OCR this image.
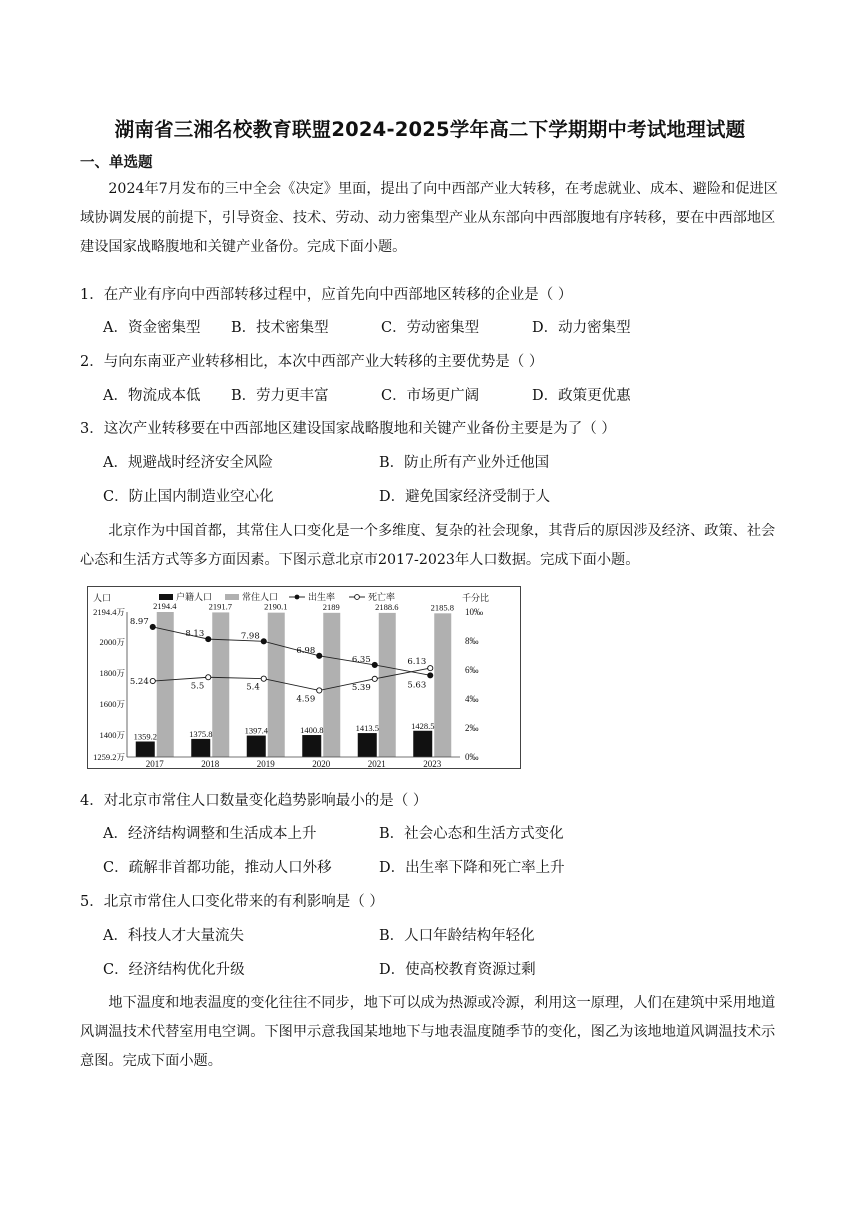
湖南省三湘名校教育联盟2024-2025学年高二下学期期中考试地理试题
一、单选题

2024年7月发布的三中全会《决定》里面，提出了向中西部产业大转移，在考虑就业、成本、避险和促进区域协调发展的前提下，引导资金、技术、劳动、动力密集型产业从东部向中西部腹地有序转移，要在中西部地区建设国家战略腹地和关键产业备份。完成下面小题。

1．在产业有序向中西部转移过程中，应首先向中西部地区转移的企业是（ ）
A．资金密集型 B．技术密集型	C．劳动密集型	D．动力密集型
2．与向东南亚产业转移相比，本次中西部产业大转移的主要优势是（ ）
A．物流成本低 B．劳力更丰富	C．市场更广阔	D．政策更优惠
3．这次产业转移要在中西部地区建设国家战略腹地和关键产业备份主要是为了（ ）
A．规避战时经济安全风险	B．防止所有产业外迁他国
C．防止国内制造业空心化	D．避免国家经济受制于人

北京作为中国首都，其常住人口变化是一个多维度、复杂的社会现象，其背后的原因涉及经济、政策、社会心态和生活方式等多方面因素。下图示意北京市2017-2023年人口数据。完成下面小题。

8.97
8.13	7.98
6.98
6.35
5.63
5.24	5.5	5.4
4.59
5.39
6.13
2194.4万
2000万
1800万
1600万
1400万
1259.2万
人口
10‰
8‰
6‰
4‰
2‰
0‰
千分比
1359.2
2194.4
2017
1375.8
2191.7
2018
1397.4
2190.1
2019
1400.8
2189
2020
1413.5
2188.6
2021
1428.5
2185.8
2023
户籍人口	常住人口	出生率	死亡率
4．对北京市常住人口数量变化趋势影响最小的是（ ）
A．经济结构调整和生活成本上升	B．社会心态和生活方式变化
C．疏解非首都功能，推动人口外移	D．出生率下降和死亡率上升
5．北京市常住人口变化带来的有利影响是（ ）
A．科技人才大量流失	B．人口年龄结构年轻化
C．经济结构优化升级	D．使高校教育资源过剩

地下温度和地表温度的变化往往不同步，地下可以成为热源或冷源，利用这一原理，人们在建筑中采用地道风调温技术代替室用电空调。下图甲示意我国某地地下与地表温度随季节的变化，图乙为该地地道风调温技术示意图。完成下面小题。
